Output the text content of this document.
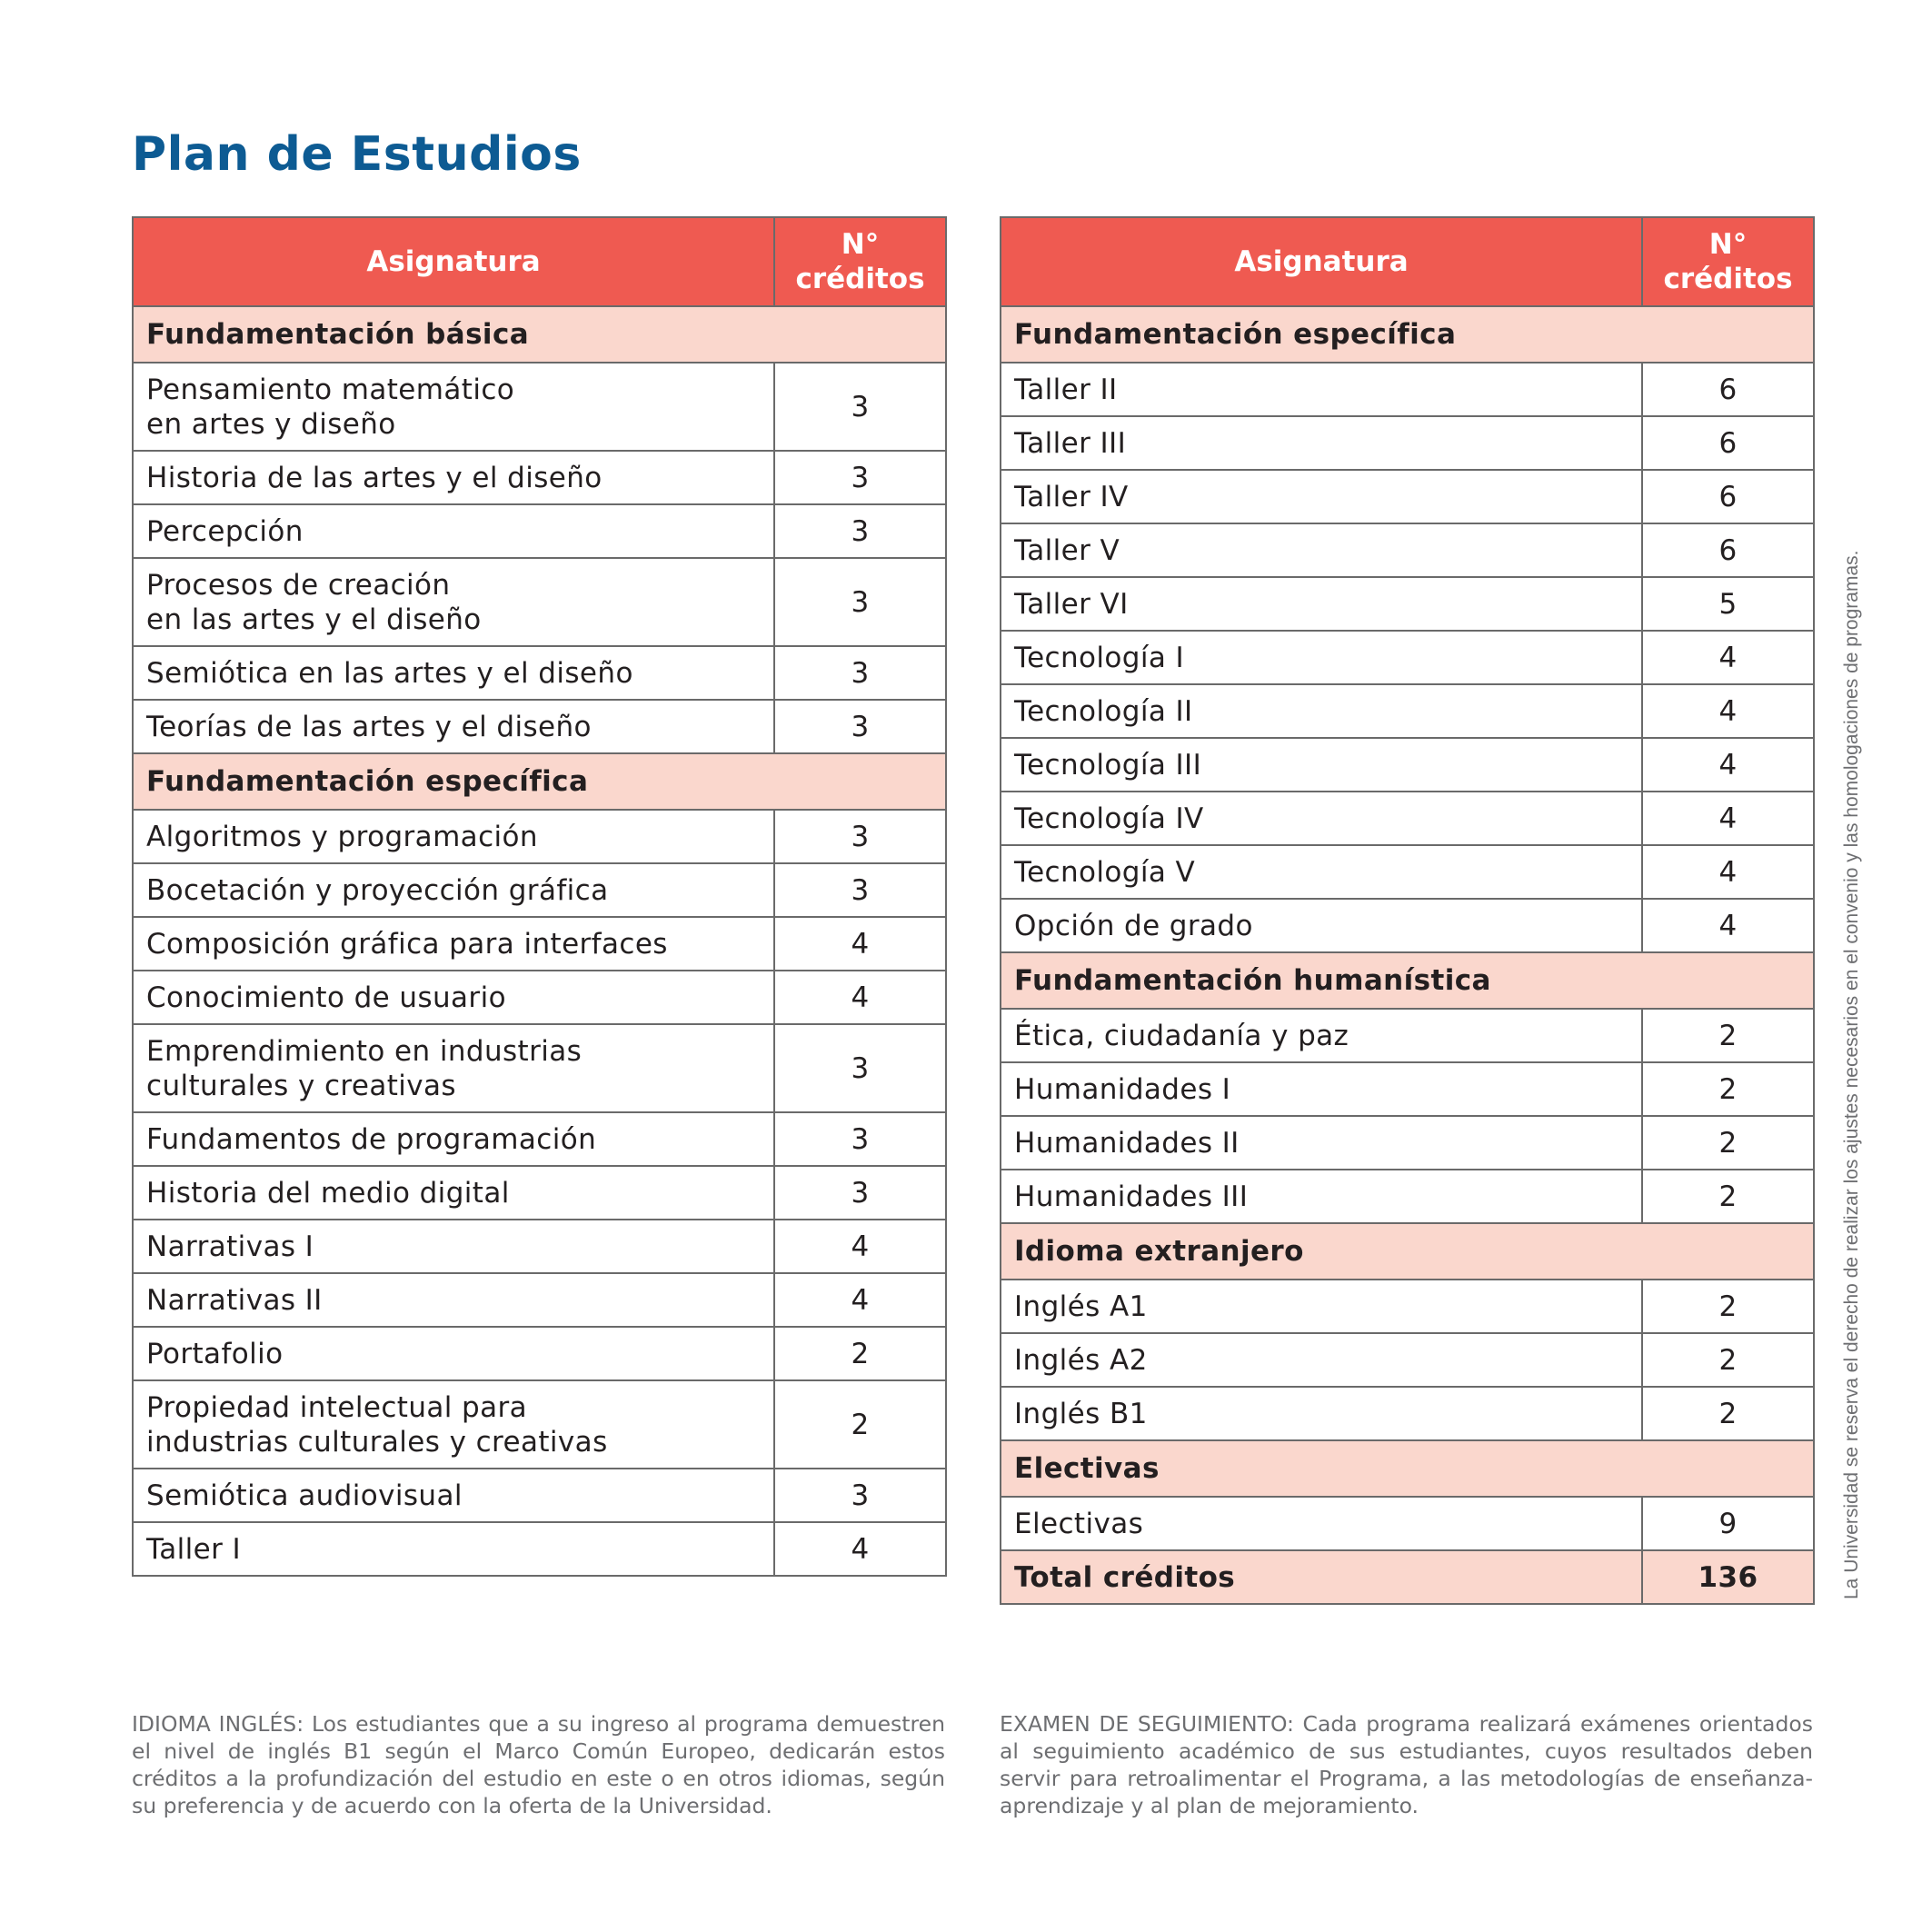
Plan de Estudios
Asignatura	N°
créditos
Fundamentación básica	
Pensamiento matemático
en artes y diseño	3
Historia de las artes y el diseño	3
Percepción	3
Procesos de creación
en las artes y el diseño	3
Semiótica en las artes y el diseño	3
Teorías de las artes y el diseño	3
Fundamentación específica	
Algoritmos y programación	3
Bocetación y proyección gráfica	3
Composición gráfica para interfaces	4
Conocimiento de usuario	4
Emprendimiento en industrias
culturales y creativas	3
Fundamentos de programación	3
Historia del medio digital	3
Narrativas I	4
Narrativas II	4
Portafolio	2
Propiedad intelectual para
industrias culturales y creativas	2
Semiótica audiovisual	3
Taller I	4
Asignatura	N°
créditos
Fundamentación específica	
Taller II	6
Taller III	6
Taller IV	6
Taller V	6
Taller VI	5
Tecnología I	4
Tecnología II	4
Tecnología III	4
Tecnología IV	4
Tecnología V	4
Opción de grado	4
Fundamentación humanística	
Ética, ciudadanía y paz	2
Humanidades I	2
Humanidades II	2
Humanidades III	2
Idioma extranjero	
Inglés A1	2
Inglés A2	2
Inglés B1	2
Electivas	
Electivas	9
Total créditos	136

IDIOMA INGLÉS: Los estudiantes que a su ingreso al programa demuestren el nivel de inglés B1 según el Marco Común Europeo, dedicarán estos créditos a la profundización del estudio en este o en otros idiomas, según su preferencia y de acuerdo con la oferta de la Universidad.

EXAMEN DE SEGUIMIENTO: Cada programa realizará exámenes orientados al seguimiento académico de sus estudiantes, cuyos resultados deben servir para retroalimentar el Programa, a las metodologías de enseñanza-aprendizaje y al plan de mejoramiento.

La Universidad se reserva el derecho de realizar los ajustes necesarios en el convenio y las homologaciones de programas.
